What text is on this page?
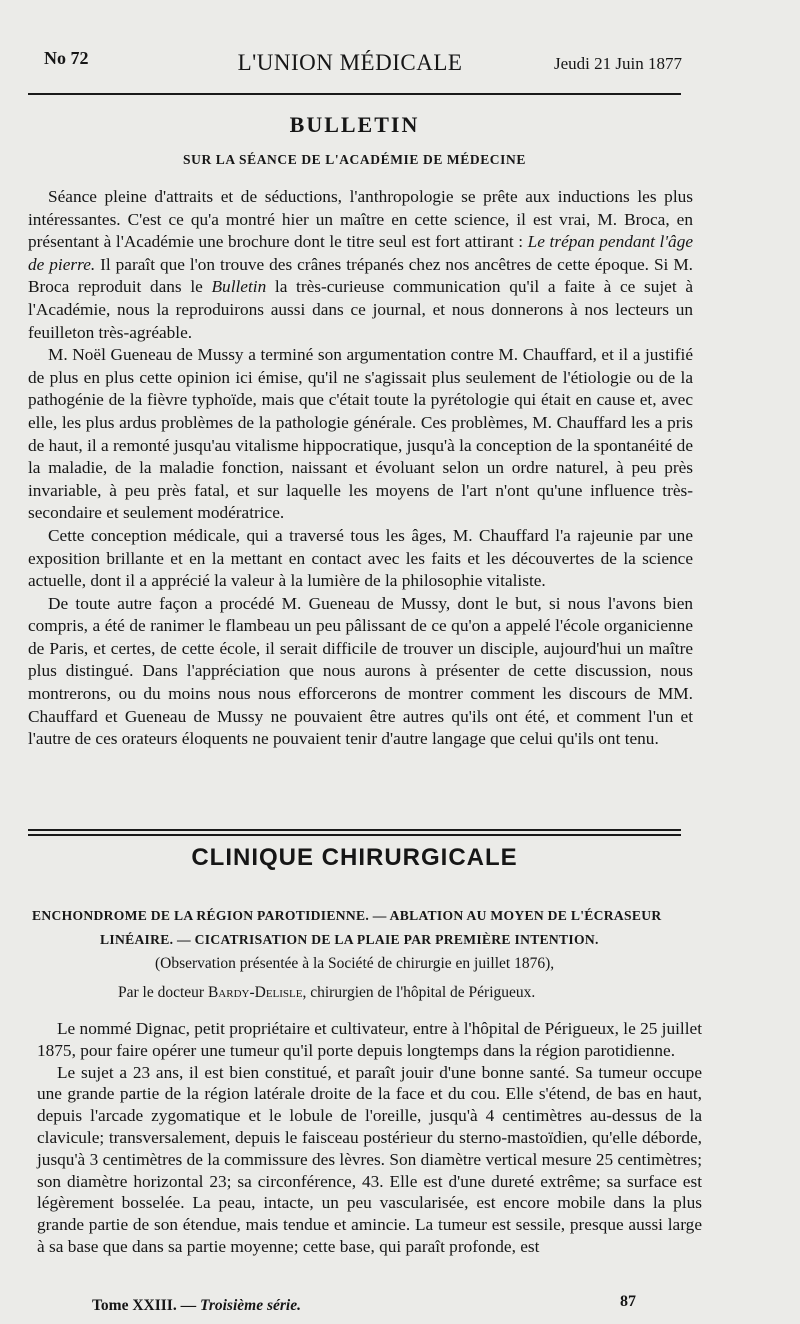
No 72	L'UNION MÉDICALE	Jeudi 21 Juin 1877
BULLETIN
SUR LA SÉANCE DE L'ACADÉMIE DE MÉDECINE

Séance pleine d'attraits et de séductions, l'anthropologie se prête aux inductions les plus intéressantes. C'est ce qu'a montré hier un maître en cette science, il est vrai, M. Broca, en présentant à l'Académie une brochure dont le titre seul est fort attirant : Le trépan pendant l'âge de pierre. Il paraît que l'on trouve des crânes trépanés chez nos ancêtres de cette époque. Si M. Broca reproduit dans le Bulletin la très-curieuse communication qu'il a faite à ce sujet à l'Académie, nous la reproduirons aussi dans ce journal, et nous donnerons à nos lecteurs un feuilleton très-agréable.

M. Noël Gueneau de Mussy a terminé son argumentation contre M. Chauffard, et il a justifié de plus en plus cette opinion ici émise, qu'il ne s'agissait plus seulement de l'étiologie ou de la pathogénie de la fièvre typhoïde, mais que c'était toute la pyrétologie qui était en cause et, avec elle, les plus ardus problèmes de la pathologie générale. Ces problèmes, M. Chauffard les a pris de haut, il a remonté jusqu'au vitalisme hippocratique, jusqu'à la conception de la spontanéité de la maladie, de la maladie fonction, naissant et évoluant selon un ordre naturel, à peu près invariable, à peu près fatal, et sur laquelle les moyens de l'art n'ont qu'une influence très-secondaire et seulement modératrice.

Cette conception médicale, qui a traversé tous les âges, M. Chauffard l'a rajeunie par une exposition brillante et en la mettant en contact avec les faits et les découvertes de la science actuelle, dont il a apprécié la valeur à la lumière de la philosophie vitaliste.

De toute autre façon a procédé M. Gueneau de Mussy, dont le but, si nous l'avons bien compris, a été de ranimer le flambeau un peu pâlissant de ce qu'on a appelé l'école organicienne de Paris, et certes, de cette école, il serait difficile de trouver un disciple, aujourd'hui un maître plus distingué. Dans l'appréciation que nous aurons à présenter de cette discussion, nous montrerons, ou du moins nous nous efforcerons de montrer comment les discours de MM. Chauffard et Gueneau de Mussy ne pouvaient être autres qu'ils ont été, et comment l'un et l'autre de ces orateurs éloquents ne pouvaient tenir d'autre langage que celui qu'ils ont tenu.

CLINIQUE CHIRURGICALE
ENCHONDROME DE LA RÉGION PAROTIDIENNE. — ABLATION AU MOYEN DE L'ÉCRASEUR
LINÉAIRE. — CICATRISATION DE LA PLAIE PAR PREMIÈRE INTENTION.
(Observation présentée à la Société de chirurgie en juillet 1876),
Par le docteur Bardy-Delisle, chirurgien de l'hôpital de Périgueux.

Le nommé Dignac, petit propriétaire et cultivateur, entre à l'hôpital de Périgueux, le 25 juillet 1875, pour faire opérer une tumeur qu'il porte depuis longtemps dans la région parotidienne.

Le sujet a 23 ans, il est bien constitué, et paraît jouir d'une bonne santé. Sa tumeur occupe une grande partie de la région latérale droite de la face et du cou. Elle s'étend, de bas en haut, depuis l'arcade zygomatique et le lobule de l'oreille, jusqu'à 4 centimètres au-dessus de la clavicule; transversalement, depuis le faisceau postérieur du sterno-mastoïdien, qu'elle déborde, jusqu'à 3 centimètres de la commissure des lèvres. Son diamètre vertical mesure 25 centimètres; son diamètre horizontal 23; sa circonférence, 43. Elle est d'une dureté extrême; sa surface est légèrement bosselée. La peau, intacte, un peu vascularisée, est encore mobile dans la plus grande partie de son étendue, mais tendue et amincie. La tumeur est sessile, presque aussi large à sa base que dans sa partie moyenne; cette base, qui paraît profonde, est

Tome XXIII. — Troisième série.	87
